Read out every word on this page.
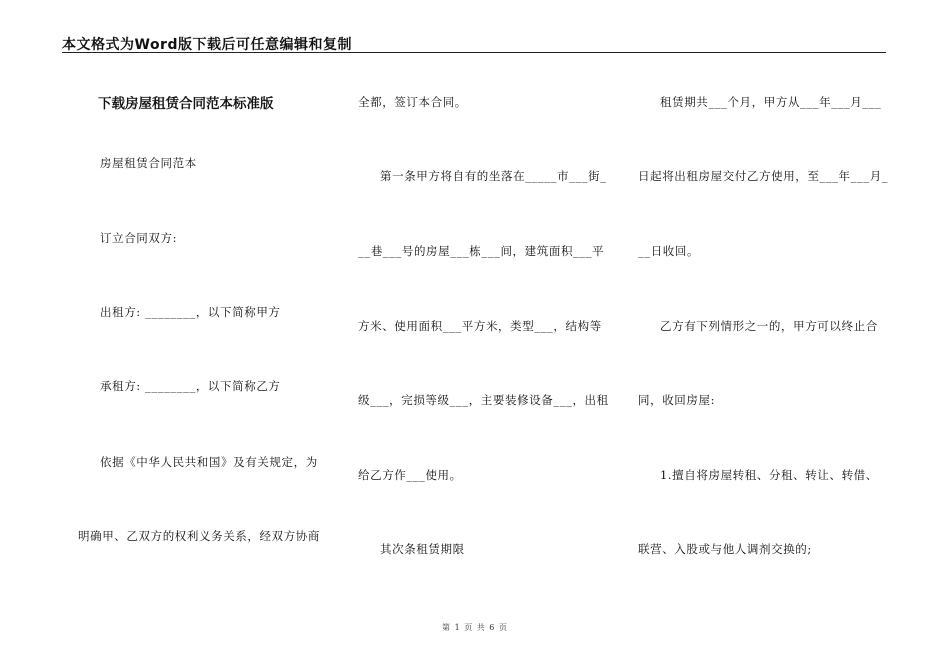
本文格式为Word版下载后可任意编辑和复制
下载房屋租赁合同范本标准版
房屋租赁合同范本
订立合同双方:
出租方: ________，以下简称甲方
承租方: ________，以下简称乙方
依据《中华人民共和国》及有关规定，为
明确甲、乙双方的权利义务关系，经双方协商
全都，签订本合同。
第一条甲方将自有的坐落在_____市___街_
__巷___号的房屋___栋___间，建筑面积___平
方米、使用面积___平方米，类型___，结构等
级___，完损等级___，主要装修设备___，出租
给乙方作___使用。
其次条租赁期限
租赁期共___个月，甲方从___年___月___
日起将出租房屋交付乙方使用，至___年___月_
__日收回。
乙方有下列情形之一的，甲方可以终止合
同，收回房屋:
1.擅自将房屋转租、分租、转让、转借、
联营、入股或与他人调剂交换的;
第 1 页 共 6 页
